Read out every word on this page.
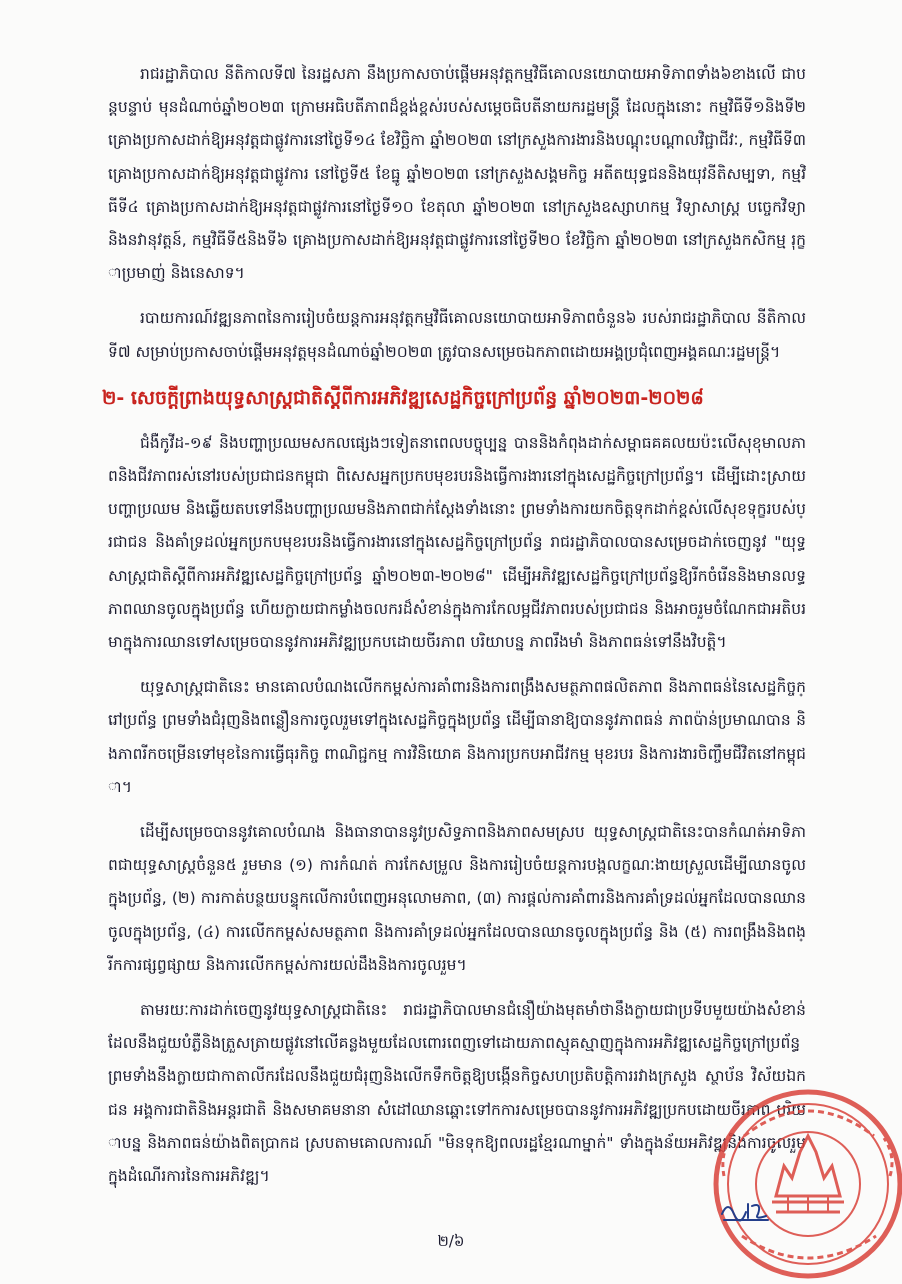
រាជរដ្ឋាភិបាល នីតិកាលទី៧ នៃរដ្ឋសភា នឹងប្រកាសចាប់ផ្តើមអនុវត្តកម្មវិធីគោលនយោបាយអាទិភាពទាំង៦ខាងលើ ជាបន្តបន្ទាប់ មុនដំណាច់ឆ្នាំ២០២៣ ក្រោមអធិបតីភាពដ៏ខ្ពង់ខ្ពស់របស់សម្តេចធិបតីនាយករដ្ឋមន្ត្រី ដែលក្នុងនោះ កម្មវិធីទី១និងទី២ គ្រោងប្រកាសដាក់ឱ្យអនុវត្តជាផ្លូវការនៅថ្ងៃទី១៤ ខែវិច្ឆិកា ឆ្នាំ២០២៣ នៅក្រសួងការងារនិងបណ្តុះបណ្តាលវិជ្ជាជីវៈ, កម្មវិធីទី៣ គ្រោងប្រកាសដាក់ឱ្យអនុវត្តជាផ្លូវការ នៅថ្ងៃទី៥ ខែធ្នូ ឆ្នាំ២០២៣ នៅក្រសួងសង្គមកិច្ច អតីតយុទ្ធជននិងយុវនីតិសម្បទា, កម្មវិធីទី៤ គ្រោងប្រកាសដាក់ឱ្យអនុវត្តជាផ្លូវការនៅថ្ងៃទី១០ ខែតុលា ឆ្នាំ២០២៣ នៅក្រសួងឧស្សាហកម្ម វិទ្យាសាស្ត្រ បច្ចេកវិទ្យា និងនវានុវត្តន៍, កម្មវិធីទី៥និងទី៦ គ្រោងប្រកាសដាក់ឱ្យអនុវត្តជាផ្លូវការនៅថ្ងៃទី២០ ខែវិច្ឆិកា ឆ្នាំ២០២៣ នៅក្រសួងកសិកម្ម រុក្ខាប្រមាញ់ និងនេសាទ។

របាយការណ៍វឌ្ឍនភាពនៃការរៀបចំយន្តការអនុវត្តកម្មវិធីគោលនយោបាយអាទិភាពចំនួន៦ របស់រាជរដ្ឋាភិបាល នីតិកាលទី៧ សម្រាប់ប្រកាសចាប់ផ្តើមអនុវត្តមុនដំណាច់ឆ្នាំ២០២៣ ត្រូវបានសម្រេចឯកភាពដោយអង្គប្រជុំពេញអង្គគណៈរដ្ឋមន្ត្រី។

២- សេចក្តីព្រាងយុទ្ធសាស្ត្រជាតិស្តីពីការអភិវឌ្ឍសេដ្ឋកិច្ចក្រៅប្រព័ន្ធ ឆ្នាំ២០២៣-២០២៨

ជំងឺកូវីដ-១៩ និងបញ្ហាប្រឈមសកលផ្សេងៗទៀតនាពេលបច្ចុប្បន្ន បាននិងកំពុងដាក់សម្ពាធគគលយប៉ះលើសុខុមាលភាពនិងជីវភាពរស់នៅរបស់ប្រជាជនកម្ពុជា ពិសេសអ្នកប្រកបមុខរបរនិងធ្វើការងារនៅក្នុងសេដ្ឋកិច្ចក្រៅប្រព័ន្ធ។ ដើម្បីដោះស្រាយបញ្ហាប្រឈម និងឆ្លើយតបទៅនឹងបញ្ហាប្រឈមនិងភាពជាក់ស្តែងទាំងនោះ ព្រមទាំងការយកចិត្តទុកដាក់ខ្ពស់លើសុខទុក្ខរបស់ប្រជាជន និងគាំទ្រដល់អ្នកប្រកបមុខរបរនិងធ្វើការងារនៅក្នុងសេដ្ឋកិច្ចក្រៅប្រព័ន្ធ រាជរដ្ឋាភិបាលបានសម្រេចដាក់ចេញនូវ "យុទ្ធសាស្ត្រជាតិស្តីពីការអភិវឌ្ឍសេដ្ឋកិច្ចក្រៅប្រព័ន្ធ ឆ្នាំ២០២៣-២០២៨" ដើម្បីអភិវឌ្ឍសេដ្ឋកិច្ចក្រៅប្រព័ន្ធឱ្យរីកចំរើននិងមានលទ្ធភាពឈានចូលក្នុងប្រព័ន្ធ ហើយក្លាយជាកម្លាំងចលករដ៏សំខាន់ក្នុងការកែលម្អជីវភាពរបស់ប្រជាជន និងអាចរួមចំណែកជាអតិបរមាក្នុងការឈានទៅសម្រេចបាននូវការអភិវឌ្ឍប្រកបដោយចីរភាព បរិយាបន្ន ភាពរឹងមាំ និងភាពធន់ទៅនឹងវិបត្តិ។

យុទ្ធសាស្ត្រជាតិនេះ មានគោលបំណងលើកកម្ពស់ការគាំពារនិងការពង្រឹងសមត្ថភាពផលិតភាព និងភាពធន់នៃសេដ្ឋកិច្ចក្រៅប្រព័ន្ធ ព្រមទាំងជំរុញនិងពន្លឿនការចូលរួមទៅក្នុងសេដ្ឋកិច្ចក្នុងប្រព័ន្ធ ដើម្បីធានាឱ្យបាននូវភាពធន់ ភាពប៉ាន់ប្រមាណបាន និងភាពរីកចម្រើនទៅមុខនៃការធ្វើធុរកិច្ច ពាណិជ្ជកម្ម ការវិនិយោគ និងការប្រកបអាជីវកម្ម មុខរបរ និងការងារចិញ្ចឹមជីវិតនៅកម្ពុជា។

ដើម្បីសម្រេចបាននូវគោលបំណង និងធានាបាននូវប្រសិទ្ធភាពនិងភាពសមស្រប យុទ្ធសាស្ត្រជាតិនេះបានកំណត់អាទិភាពជាយុទ្ធសាស្ត្រចំនួន៥ រួមមាន (១) ការកំណត់ ការកែសម្រួល និងការរៀបចំយន្តការបង្កលក្ខណៈងាយស្រួលដើម្បីឈានចូលក្នុងប្រព័ន្ធ, (២) ការកាត់បន្ថយបន្ទុកលើការបំពេញអនុលោមភាព, (៣) ការផ្តល់ការគាំពារនិងការគាំទ្រដល់អ្នកដែលបានឈានចូលក្នុងប្រព័ន្ធ, (៤) ការលើកកម្ពស់សមត្ថភាព និងការគាំទ្រដល់អ្នកដែលបានឈានចូលក្នុងប្រព័ន្ធ និង (៥) ការពង្រឹងនិងពង្រីកការផ្សព្វផ្សាយ និងការលើកកម្ពស់ការយល់ដឹងនិងការចូលរួម។

តាមរយៈការដាក់ចេញនូវយុទ្ធសាស្ត្រជាតិនេះ រាជរដ្ឋាភិបាលមានជំនឿយ៉ាងមុតមាំថានឹងក្លាយជាប្រទីបមួយយ៉ាងសំខាន់ ដែលនឹងជួយបំភ្លឺនិងត្រួសត្រាយផ្លូវនៅលើគន្លងមួយដែលពោរពេញទៅដោយភាពស្មុគស្មាញក្នុងការអភិវឌ្ឍសេដ្ឋកិច្ចក្រៅប្រព័ន្ធ ព្រមទាំងនឹងក្លាយជាកាតាលីករដែលនឹងជួយជំរុញនិងលើកទឹកចិត្តឱ្យបង្កើនកិច្ចសហប្រតិបត្តិការរវាងក្រសួង ស្ថាប័ន វិស័យឯកជន អង្គការជាតិនិងអន្តរជាតិ និងសមាគមនានា សំដៅឈានឆ្ពោះទៅកការសម្រេចបាននូវការអភិវឌ្ឍប្រកបដោយចីរភាព បរិយាបន្ន និងភាពធន់យ៉ាងពិតប្រាកដ ស្របតាមគោលការណ៍ "មិនទុកឱ្យពលរដ្ឋខ្មែរណាម្នាក់" ទាំងក្នុងន័យអភិវឌ្ឍនិងការចូលរួមក្នុងដំណើរការនៃការអភិវឌ្ឍ។

២/៦
